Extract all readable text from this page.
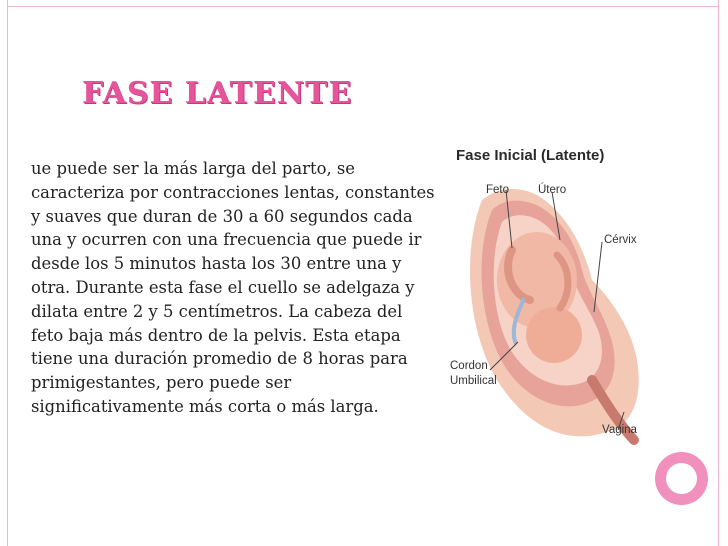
FASE LATENTE
ue puede ser la más larga del parto, se caracteriza por contracciones lentas, constantes y suaves que duran de 30 a 60 segundos cada una y ocurren con una frecuencia que puede ir desde los 5 minutos hasta los 30 entre una y otra. Durante esta fase el cuello se adelgaza y dilata entre 2 y 5 centímetros. La cabeza del feto baja más dentro de la pelvis. Esta etapa tiene una duración promedio de 8 horas para primigestantes, pero puede ser significativamente más corta o más larga.
Fase Inicial (Latente)
Feto	Útero
Cérvix
Cordon
Umbilical
Vagina
